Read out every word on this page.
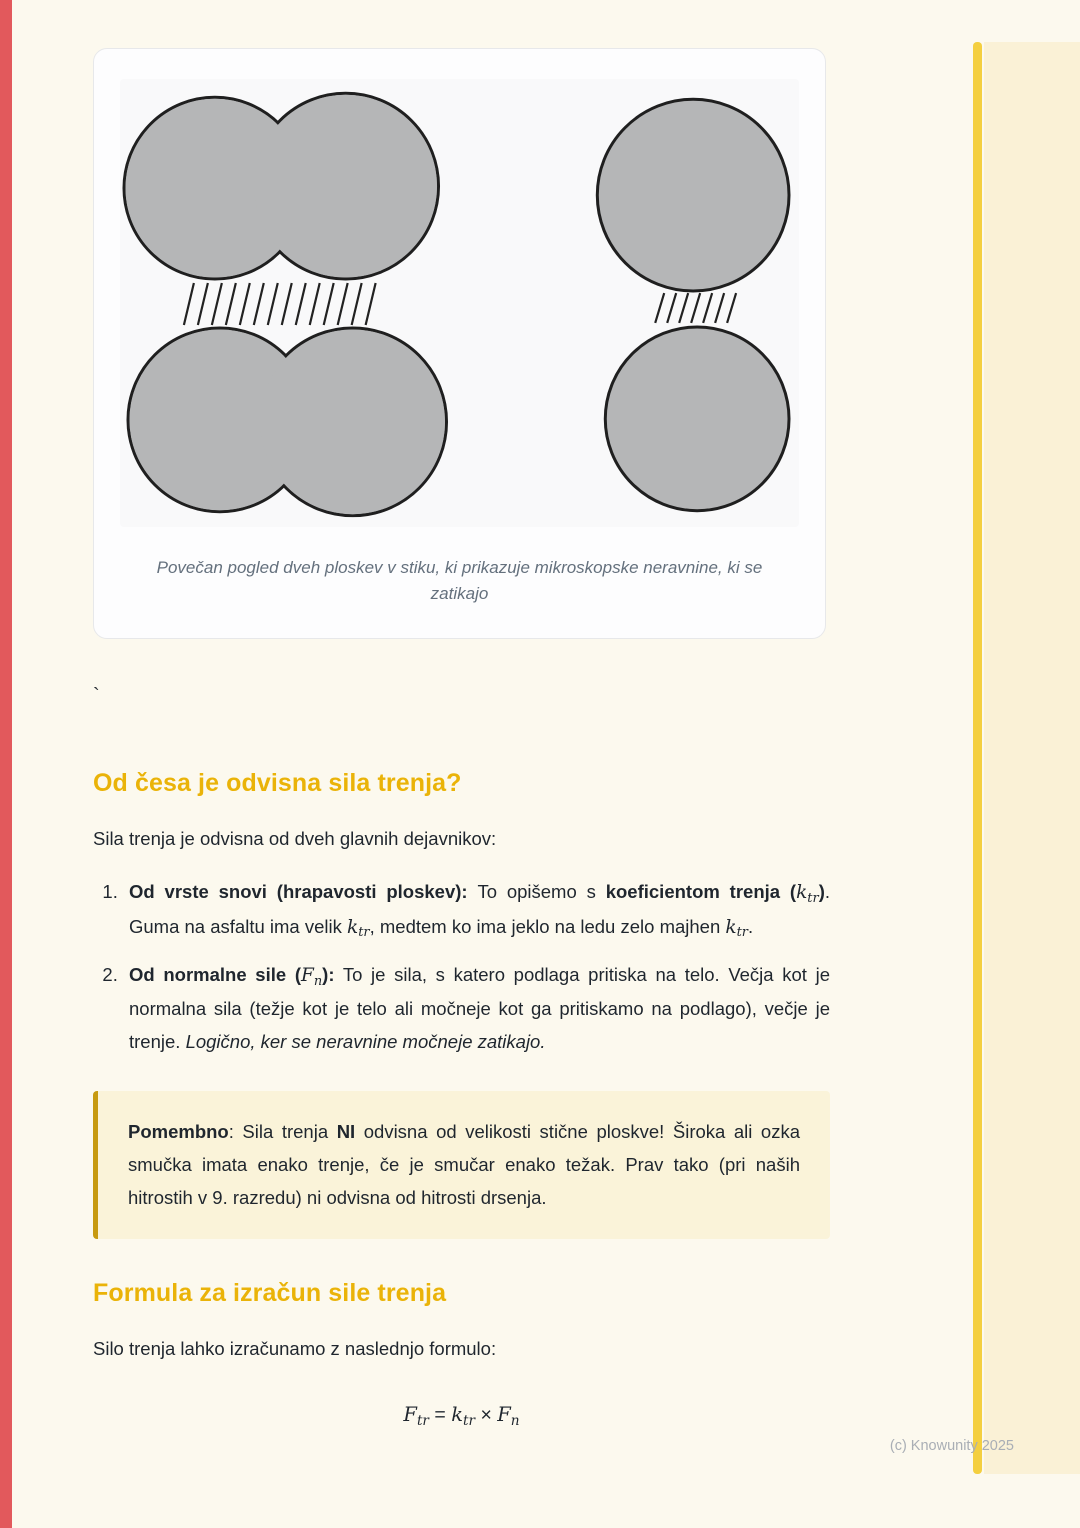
Povečan pogled dveh ploskev v stiku, ki prikazuje mikroskopske neravnine, ki se zatikajo
`
Od česa je odvisna sila trenja?

Sila trenja je odvisna od dveh glavnih dejavnikov:

1. Od vrste snovi (hrapavosti ploskev): To opišemo s koeficientom trenja $(k_{tr})$. Guma na asfaltu ima velik $k_{tr}$, medtem ko ima jeklo na ledu zelo majhen $k_{tr}$.
2. Od normalne sile $(F_n)$: To je sila, s katero podlaga pritiska na telo. Večja kot je normalna sila (težje kot je telo ali močneje kot ga pritiskamo na podlago), večje je trenje. Logično, ker se neravnine močneje zatikajo.
Pomembno: Sila trenja NI odvisna od velikosti stične ploskve! Široka ali ozka smučka imata enako trenje, če je smučar enako težak. Prav tako (pri naših hitrostih v 9. razredu) ni odvisna od hitrosti drsenja.
Formula za izračun sile trenja

Silo trenja lahko izračunamo z naslednjo formulo:

$F_{tr} = k_{tr} \times F_n$
(c) Knowunity 2025
